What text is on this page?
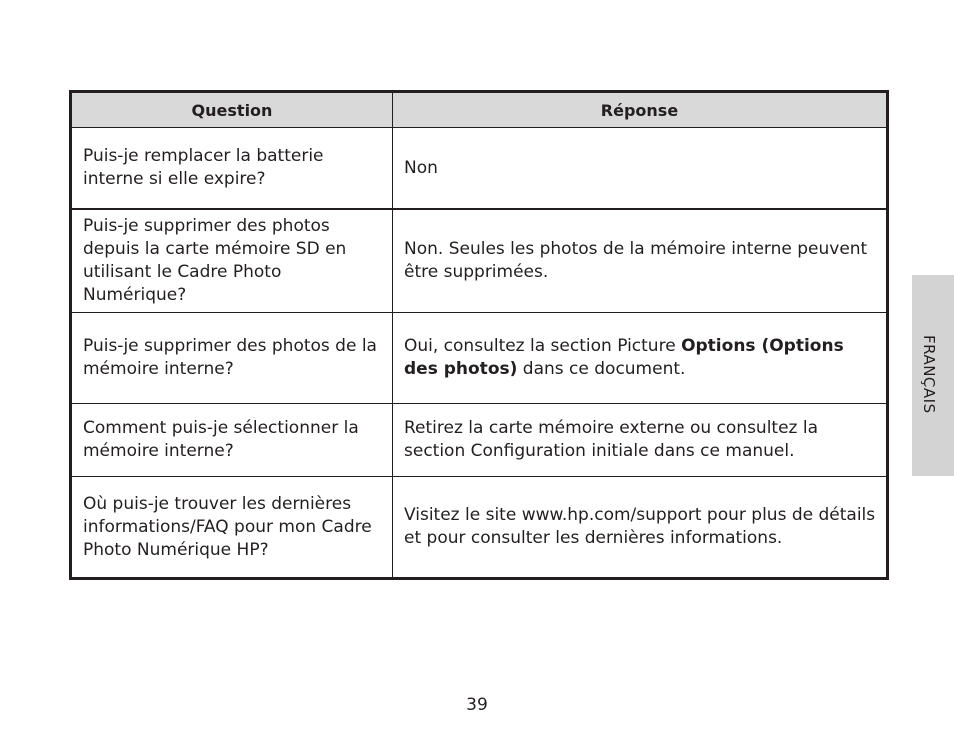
Question	Réponse
Puis-je remplacer la batterie interne si elle expire?	Non
Puis-je supprimer des photos depuis la carte mémoire SD en utilisant le Cadre Photo Numérique?	Non. Seules les photos de la mémoire interne peuvent être supprimées.
Puis-je supprimer des photos de la mémoire interne?	Oui, consultez la section Picture Options (Options des photos) dans ce document.
Comment puis-je sélectionner la mémoire interne?	Retirez la carte mémoire externe ou consultez la section Configuration initiale dans ce manuel.
Où puis-je trouver les dernières informations/FAQ pour mon Cadre Photo Numérique HP?	Visitez le site www.hp.com/support pour plus de détails et pour consulter les dernières informations.
FRANÇAIS
39
